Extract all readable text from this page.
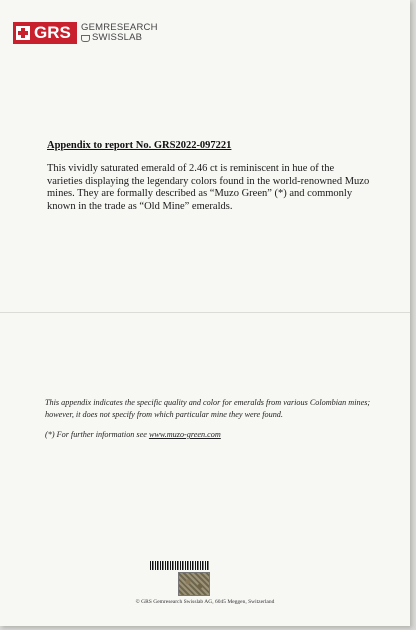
GRS GEMRESEARCH
SWISSLAB
Appendix to report No. GRS2022-097221
This vividly saturated emerald of 2.46 ct is reminiscent in hue of the varieties displaying the legendary colors found in the world-renowned Muzo mines. They are formally described as “Muzo Green” (*) and commonly known in the trade as “Old Mine” emeralds.
This appendix indicates the specific quality and color for emeralds from various Colombian mines; however, it does not specify from which particular mine they were found.
(*) For further information see www.muzo-green.com
© GRS Gemresearch Swisslab AG, 6045 Meggen, Switzerland
